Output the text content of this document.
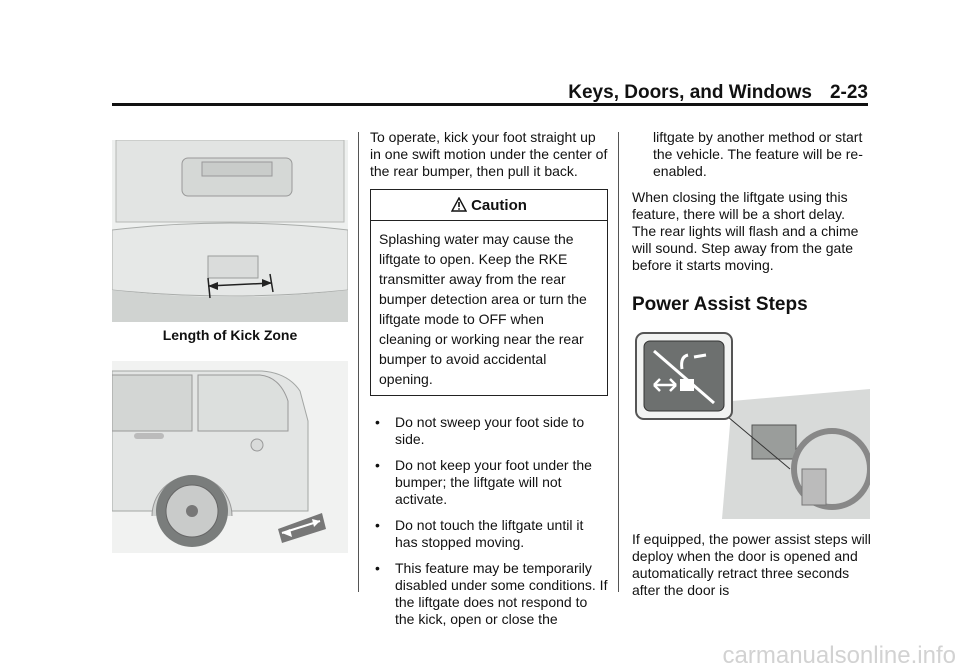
Keys, Doors, and Windows 2-23
Length of Kick Zone

To operate, kick your foot straight up in one swift motion under the center of the rear bumper, then pull it back.

Caution
Splashing water may cause the liftgate to open. Keep the RKE transmitter away from the rear bumper detection area or turn the liftgate mode to OFF when cleaning or working near the rear bumper to avoid accidental opening.
• Do not sweep your foot side to side.
• Do not keep your foot under the bumper; the liftgate will not activate.
• Do not touch the liftgate until it has stopped moving.
• This feature may be temporarily disabled under some conditions. If the liftgate does not respond to the kick, open or close the

liftgate by another method or start the vehicle. The feature will be re-enabled.

When closing the liftgate using this feature, there will be a short delay. The rear lights will flash and a chime will sound. Step away from the gate before it starts moving.

Power Assist Steps

If equipped, the power assist steps will deploy when the door is opened and automatically retract three seconds after the door is

carmanualsonline.info
